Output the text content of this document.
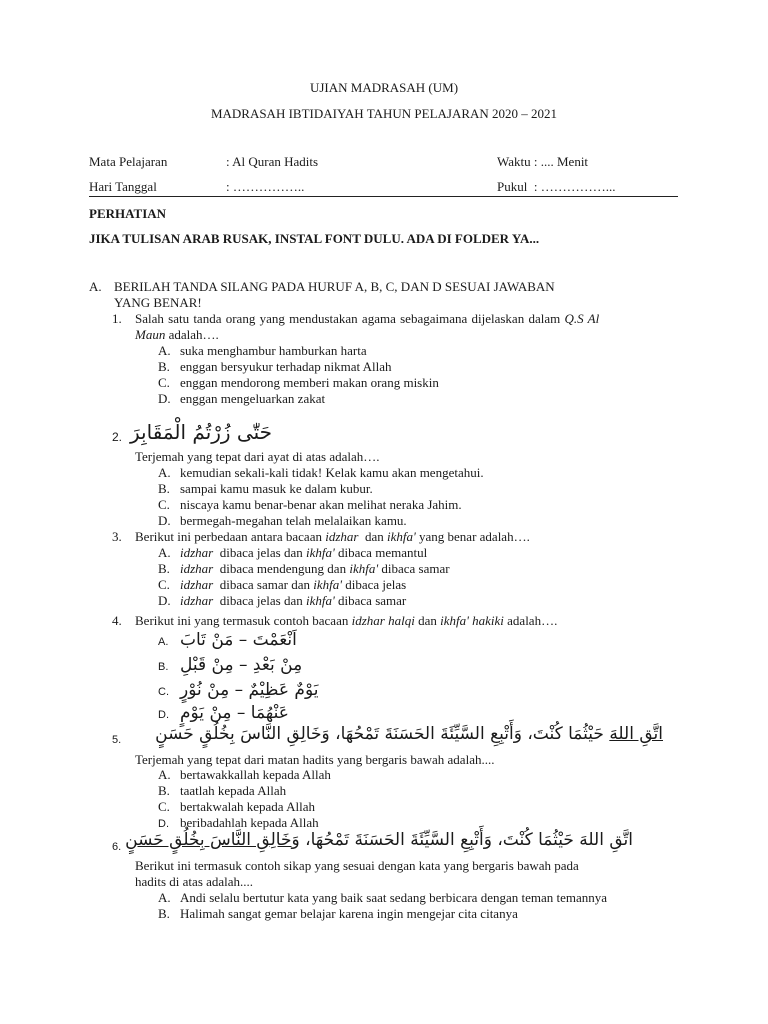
UJIAN MADRASAH (UM)
MADRASAH IBTIDAIYAH TAHUN PELAJARAN 2020 – 2021
Mata Pelajaran	: Al Quran Hadits	Waktu : .... Menit
Hari Tanggal	: ……………..	Pukul : ……………...
PERHATIAN
JIKA TULISAN ARAB RUSAK, INSTAL FONT DULU. ADA DI FOLDER YA...
A. BERILAH TANDA SILANG PADA HURUF A, B, C, DAN D SESUAI JAWABAN
YANG BENAR!
1. Salah satu tanda orang yang mendustakan agama sebagaimana dijelaskan dalam Q.S Al
Maun adalah….
A. suka menghambur hamburkan harta
B. enggan bersyukur terhadap nikmat Allah
C. enggan mendorong memberi makan orang miskin
D. enggan mengeluarkan zakat
2. حَتّٰى زُرْتُمُ الْمَقَابِرَ
Terjemah yang tepat dari ayat di atas adalah….
A. kemudian sekali-kali tidak! Kelak kamu akan mengetahui.
B. sampai kamu masuk ke dalam kubur.
C. niscaya kamu benar-benar akan melihat neraka Jahim.
D. bermegah-megahan telah melalaikan kamu.
3. Berikut ini perbedaan antara bacaan idzhar dan ikhfa' yang benar adalah….
A. idzhar dibaca jelas dan ikhfa' dibaca memantul
B. idzhar dibaca mendengung dan ikhfa' dibaca samar
C. idzhar dibaca samar dan ikhfa' dibaca jelas
D. idzhar dibaca jelas dan ikhfa' dibaca samar
4. Berikut ini yang termasuk contoh bacaan idzhar halqi dan ikhfa' hakiki adalah….
A. اَنْعَمْتَ – مَنْ تَابَ
B. مِنْ بَعْدِ – مِنْ قَبْلِ
C. يَوْمٌ عَظِيْمٌ – مِنْ نُوْرٍ
D. عَنْهُمَا – مِنْ يَوْمٍ
5.	اتَّقِ اللهَ حَيْثُمَا كُنْتَ، وَأَتْبِعِ السَّيِّئَةَ الحَسَنَةَ تَمْحُهَا، وَخَالِقِ النَّاسَ بِخُلُقٍ حَسَنٍ
Terjemah yang tepat dari matan hadits yang bergaris bawah adalah....
A. bertawakkallah kepada Allah
B. taatlah kepada Allah
C. bertakwalah kepada Allah
D. beribadahlah kepada Allah
6.	اتَّقِ اللهَ حَيْثُمَا كُنْتَ، وَأَتْبِعِ السَّيِّئَةَ الحَسَنَةَ تَمْحُهَا، وَخَالِقِ النَّاسَ بِخُلُقٍ حَسَنٍ
Berikut ini termasuk contoh sikap yang sesuai dengan kata yang bergaris bawah pada
hadits di atas adalah....
A. Andi selalu bertutur kata yang baik saat sedang berbicara dengan teman temannya
B. Halimah sangat gemar belajar karena ingin mengejar cita citanya
